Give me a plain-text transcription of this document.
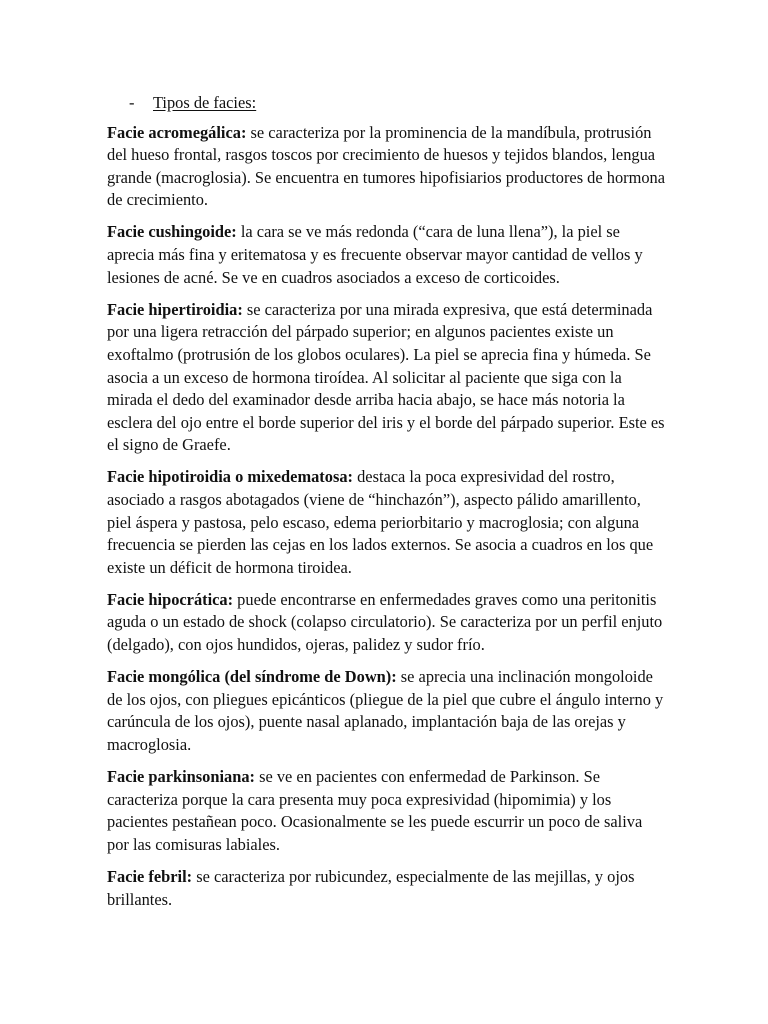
- Tipos de facies:

Facie acromegálica: se caracteriza por la prominencia de la mandíbula, protrusión del hueso frontal, rasgos toscos por crecimiento de huesos y tejidos blandos, lengua grande (macroglosia). Se encuentra en tumores hipofisiarios productores de hormona de crecimiento.

Facie cushingoide: la cara se ve más redonda (“cara de luna llena”), la piel se aprecia más fina y eritematosa y es frecuente observar mayor cantidad de vellos y lesiones de acné. Se ve en cuadros asociados a exceso de corticoides.

Facie hipertiroidia: se caracteriza por una mirada expresiva, que está determinada por una ligera retracción del párpado superior; en algunos pacientes existe un exoftalmo (protrusión de los globos oculares). La piel se aprecia fina y húmeda. Se asocia a un exceso de hormona tiroídea. Al solicitar al paciente que siga con la mirada el dedo del examinador desde arriba hacia abajo, se hace más notoria la esclera del ojo entre el borde superior del iris y el borde del párpado superior. Este es el signo de Graefe.

Facie hipotiroidia o mixedematosa: destaca la poca expresividad del rostro, asociado a rasgos abotagados (viene de “hinchazón”), aspecto pálido amarillento, piel áspera y pastosa, pelo escaso, edema periorbitario y macroglosia; con alguna frecuencia se pierden las cejas en los lados externos. Se asocia a cuadros en los que existe un déficit de hormona tiroidea.

Facie hipocrática: puede encontrarse en enfermedades graves como una peritonitis aguda o un estado de shock (colapso circulatorio). Se caracteriza por un perfil enjuto (delgado), con ojos hundidos, ojeras, palidez y sudor frío.

Facie mongólica (del síndrome de Down): se aprecia una inclinación mongoloide de los ojos, con pliegues epicánticos (pliegue de la piel que cubre el ángulo interno y carúncula de los ojos), puente nasal aplanado, implantación baja de las orejas y macroglosia.

Facie parkinsoniana: se ve en pacientes con enfermedad de Parkinson. Se caracteriza porque la cara presenta muy poca expresividad (hipomimia) y los pacientes pestañean poco. Ocasionalmente se les puede escurrir un poco de saliva por las comisuras labiales.

Facie febril: se caracteriza por rubicundez, especialmente de las mejillas, y ojos brillantes.
